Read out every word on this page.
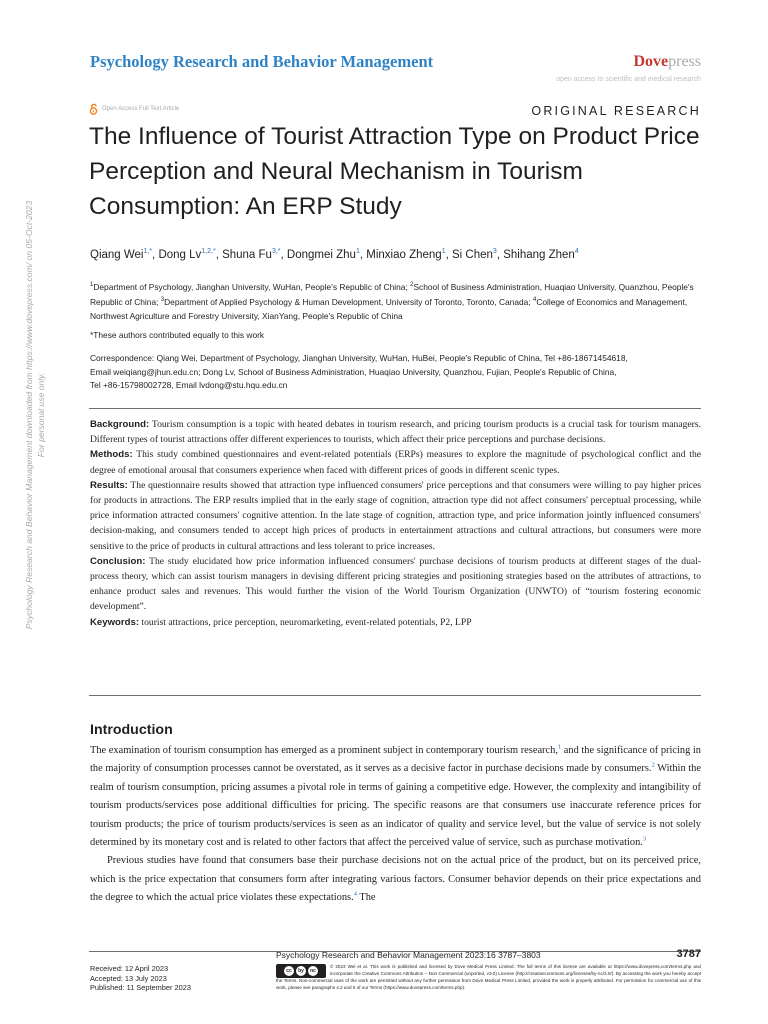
Psychology Research and Behavior Management downloaded from https://www.dovepress.com/ on 05-Oct-2023 For personal use only.
Psychology Research and Behavior Management	Dovepress
open access to scientific and medical research
Open Access Full Text Article	ORIGINAL RESEARCH
The Influence of Tourist Attraction Type on Product Price Perception and Neural Mechanism in Tourism Consumption: An ERP Study
Qiang Wei$^{1,*}$, Dong $Lv^{1,2,*}$, Shuna $Fu^{3,*}$, Dongmei Zhu$^1$, Minxiao Zheng$^1$, Si Chen$^3$, Shihang Zhen$^4$
$^1$Department of Psychology, Jianghan University, WuHan, People's Republic of China; $^2$School of Business Administration, Huaqiao University, Quanzhou, People's Republic of China; $^3$Department of Applied Psychology & Human Development, University of Toronto, Toronto, Canada; $^4$College of Economics and Management, Northwest Agriculture and Forestry University, XianYang, People's Republic of China
*These authors contributed equally to this work
Correspondence: Qiang Wei, Department of Psychology, Jianghan University, WuHan, HuBei, People's Republic of China, Tel +86-18671454618,
Email weiqiang@jhun.edu.cn; Dong Lv, School of Business Administration, Huaqiao University, Quanzhou, Fujian, People's Republic of China,
Tel +86-15798002728, Email lvdong@stu.hqu.edu.cn

Background: Tourism consumption is a topic with heated debates in tourism research, and pricing tourism products is a crucial task for tourism managers. Different types of tourist attractions offer different experiences to tourists, which affect their price perceptions and purchase decisions.

Methods: This study combined questionnaires and event-related potentials (ERPs) measures to explore the magnitude of psychological conflict and the degree of emotional arousal that consumers experience when faced with different prices of goods in different scenic types.

Results: The questionnaire results showed that attraction type influenced consumers' price perceptions and that consumers were willing to pay higher prices for products in attractions. The ERP results implied that in the early stage of cognition, attraction type did not affect consumers' perceptual processing, while price information attracted consumers' cognitive attention. In the late stage of cognition, attraction type, and price information jointly influenced consumers' decision-making, and consumers tended to accept high prices of products in entertainment attractions and cultural attractions, but consumers were more sensitive to the price of products in cultural attractions and less tolerant to price increases.

Conclusion: The study elucidated how price information influenced consumers' purchase decisions of tourism products at different stages of the dual-process theory, which can assist tourism managers in devising different pricing strategies and positioning strategies based on the attributes of attractions, to enhance product sales and revenues. This would further the vision of the World Tourism Organization (UNWTO) of “tourism fostering economic development”.

Keywords: tourist attractions, price perception, neuromarketing, event-related potentials, P2, LPP

Introduction

The examination of tourism consumption has emerged as a prominent subject in contemporary tourism research,$^1$ and the significance of pricing in the majority of consumption processes cannot be overstated, as it serves as a decisive factor in purchase decisions made by consumers.$^2$ Within the realm of tourism consumption, pricing assumes a pivotal role in terms of gaining a competitive edge. However, the complexity and intangibility of tourism products/services pose additional difficulties for pricing. The specific reasons are that consumers use inaccurate reference prices for tourism products; the price of tourism products/services is seen as an indicator of quality and service level, but the value of service is not solely determined by its monetary cost and is related to other factors that affect the perceived value of service, such as purchase motivation.$^3$

Previous studies have found that consumers base their purchase decisions not on the actual price of the product, but on its perceived price, which is the price expectation that consumers form after integrating various factors. Consumer behavior depends on their price expectations and the degree to which the actual price violates these expectations.$^4$ The

Psychology Research and Behavior Management 2023:16 3787–3803	3787
Received: 12 April 2023
Accepted: 13 July 2023
Published: 11 September 2023
cc	by	nc
© 2023 Wei et al. This work is published and licensed by Dove Medical Press Limited. The full terms of this license are available at https://www.dovepress.com/terms.php and incorporate the Creative Commons Attribution – Non Commercial (unported, v3.0) License (http://creativecommons.org/licenses/by-nc/3.0/). By accessing the work you hereby accept the Terms. Non-commercial uses of the work are permitted without any further permission from Dove Medical Press Limited, provided the work is properly attributed. For permission for commercial use of this work, please see paragraphs 4.2 and 5 of our Terms (https://www.dovepress.com/terms.php).
